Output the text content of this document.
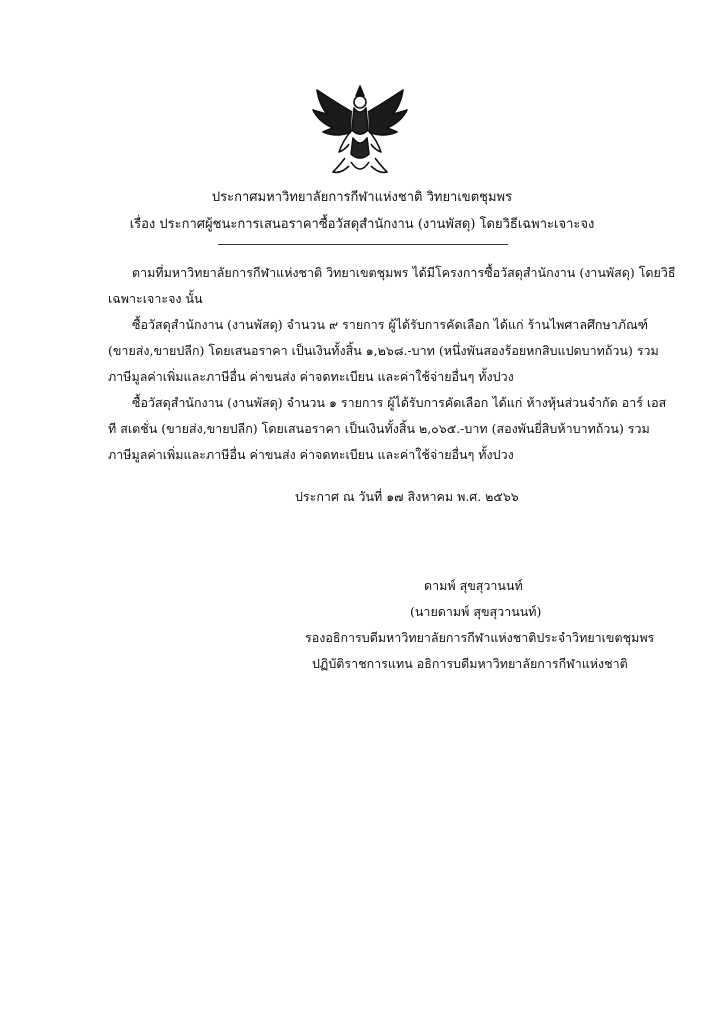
ประกาศมหาวิทยาลัยการกีฬาแห่งชาติ วิทยาเขตชุมพร
เรื่อง ประกาศผู้ชนะการเสนอราคาซื้อวัสดุสำนักงาน (งานพัสดุ) โดยวิธีเฉพาะเจาะจง
ตามที่มหาวิทยาลัยการกีฬาแห่งชาติ วิทยาเขตชุมพร ได้มีโครงการซื้อวัสดุสำนักงาน (งานพัสดุ) โดยวิธี
เฉพาะเจาะจง นั้น
ซื้อวัสดุสำนักงาน (งานพัสดุ) จำนวน ๙ รายการ ผู้ได้รับการคัดเลือก ได้แก่ ร้านไพศาลศึกษาภัณฑ์
(ขายส่ง,ขายปลีก) โดยเสนอราคา เป็นเงินทั้งสิ้น ๑,๒๖๘.-บาท (หนึ่งพันสองร้อยหกสิบแปดบาทถ้วน) รวม
ภาษีมูลค่าเพิ่มและภาษีอื่น ค่าขนส่ง ค่าจดทะเบียน และค่าใช้จ่ายอื่นๆ ทั้งปวง
ซื้อวัสดุสำนักงาน (งานพัสดุ) จำนวน ๑ รายการ ผู้ได้รับการคัดเลือก ได้แก่ ห้างหุ้นส่วนจำกัด อาร์ เอส
ที สเตชั่น (ขายส่ง,ขายปลีก) โดยเสนอราคา เป็นเงินทั้งสิ้น ๒,๐๖๕.-บาท (สองพันยี่สิบห้าบาทถ้วน) รวม
ภาษีมูลค่าเพิ่มและภาษีอื่น ค่าขนส่ง ค่าจดทะเบียน และค่าใช้จ่ายอื่นๆ ทั้งปวง
ประกาศ ณ วันที่ ๑๗ สิงหาคม พ.ศ. ๒๕๖๖
ดามพ์ สุขสุวานนท์
(นายดามพ์ สุขสุวานนท์)
รองอธิการบดีมหาวิทยาลัยการกีฬาแห่งชาติประจำวิทยาเขตชุมพร
ปฏิบัติราชการแทน อธิการบดีมหาวิทยาลัยการกีฬาแห่งชาติ
